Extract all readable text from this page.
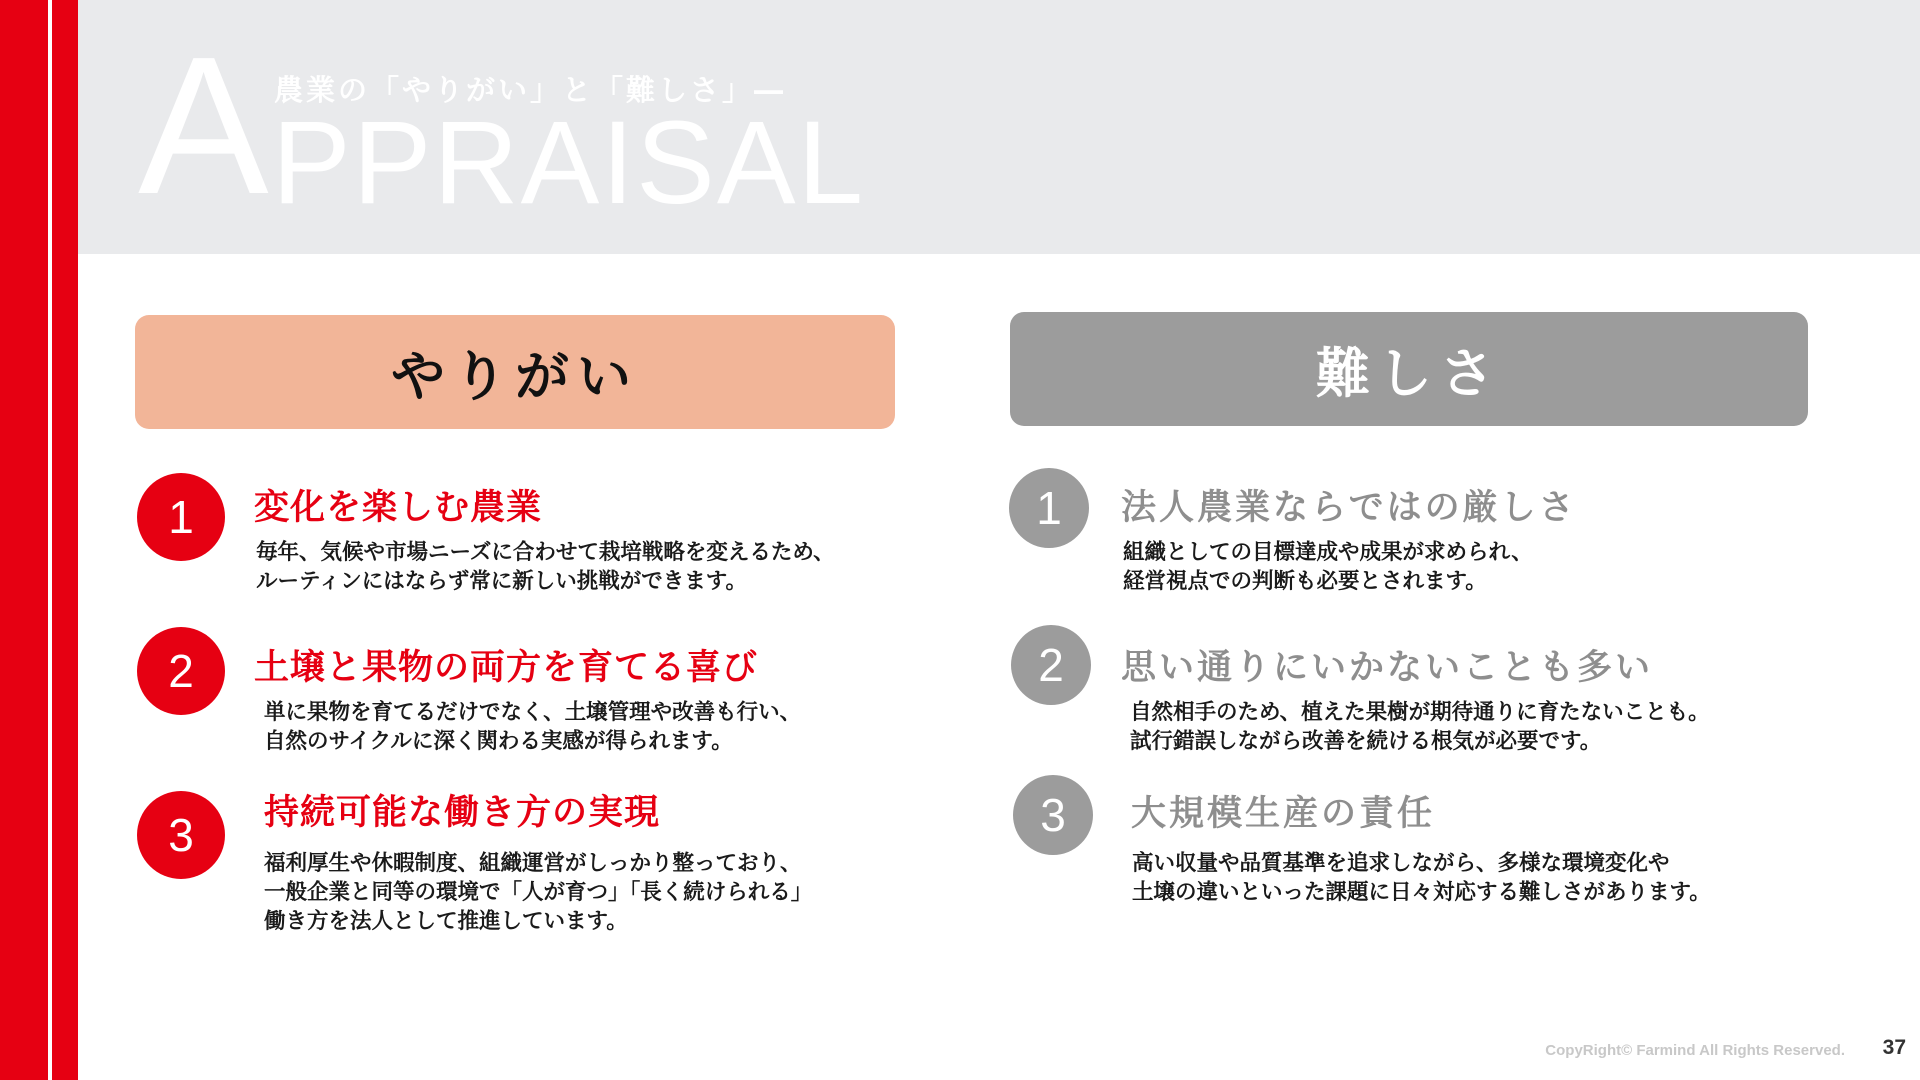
A PPRAISAL
農業の「やりがい」と「難しさ」―
やりがい	難しさ
1	変化を楽しむ農業
毎年、気候や市場ニーズに合わせて栽培戦略を変えるため、
ルーティンにはならず常に新しい挑戦ができます。
2	土壌と果物の両方を育てる喜び
単に果物を育てるだけでなく、土壌管理や改善も行い、
自然のサイクルに深く関わる実感が得られます。
3	持続可能な働き方の実現
福利厚生や休暇制度、組織運営がしっかり整っており、
一般企業と同等の環境で「人が育つ」「長く続けられる」
働き方を法人として推進しています。
1	法人農業ならではの厳しさ
組織としての目標達成や成果が求められ、
経営視点での判断も必要とされます。
2	思い通りにいかないことも多い
自然相手のため、植えた果樹が期待通りに育たないことも。
試行錯誤しながら改善を続ける根気が必要です。
3	大規模生産の責任
高い収量や品質基準を追求しながら、多様な環境変化や
土壌の違いといった課題に日々対応する難しさがあります。
CopyRight© Farmind All Rights Reserved. 37
